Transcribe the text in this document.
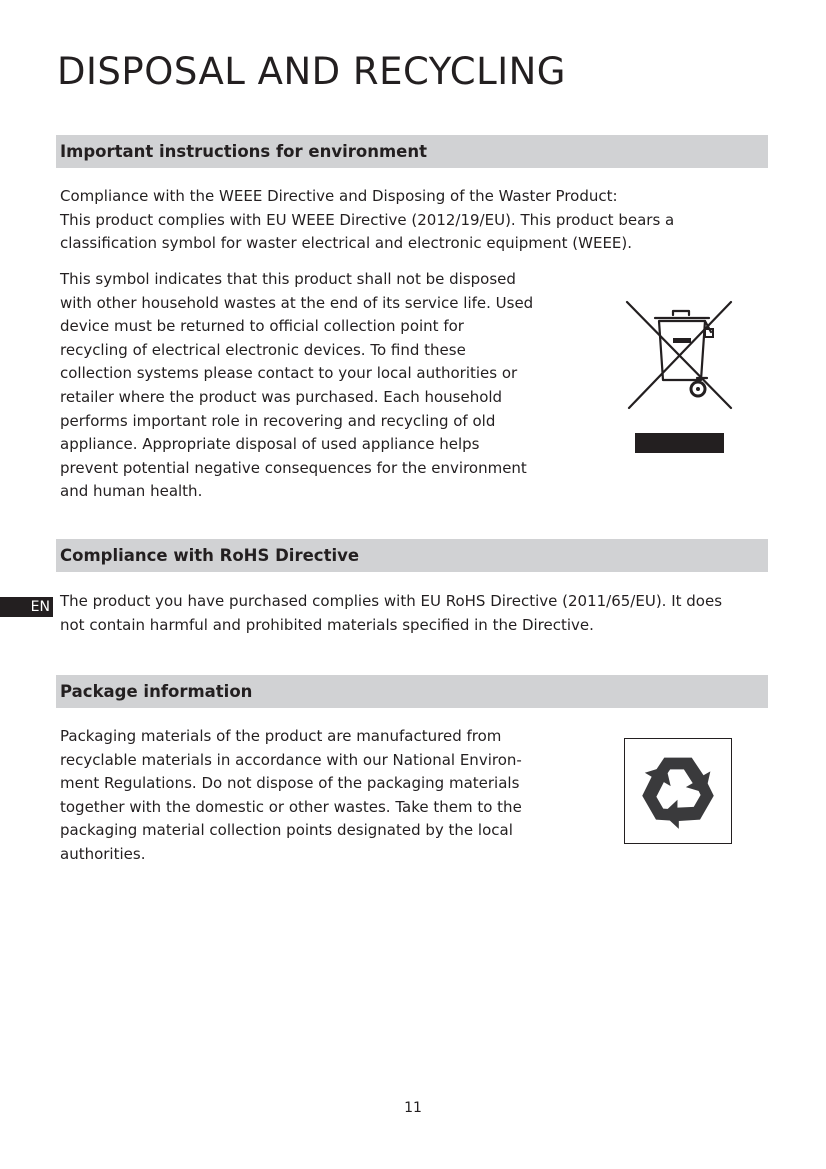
DISPOSAL AND RECYCLING
Important instructions for environment

Compliance with the WEEE Directive and Disposing of the Waster Product:

This product complies with EU WEEE Directive (2012/19/EU). This product bears a

classification symbol for waster electrical and electronic equipment (WEEE).

This symbol indicates that this product shall not be disposed

with other household wastes at the end of its service life. Used

device must be returned to official collection point for

recycling of electrical electronic devices. To find these

collection systems please contact to your local authorities or

retailer where the product was purchased. Each household

performs important role in recovering and recycling of old

appliance. Appropriate disposal of used appliance helps

prevent potential negative consequences for the environment

and human health.

Compliance with RoHS Directive
EN The product you have purchased complies with EU RoHS Directive (2011/65/EU). It does

not contain harmful and prohibited materials specified in the Directive.

Package information

Packaging materials of the product are manufactured from

recyclable materials in accordance with our National Environ-

ment Regulations. Do not dispose of the packaging materials

together with the domestic or other wastes. Take them to the

packaging material collection points designated by the local

authorities.

11
